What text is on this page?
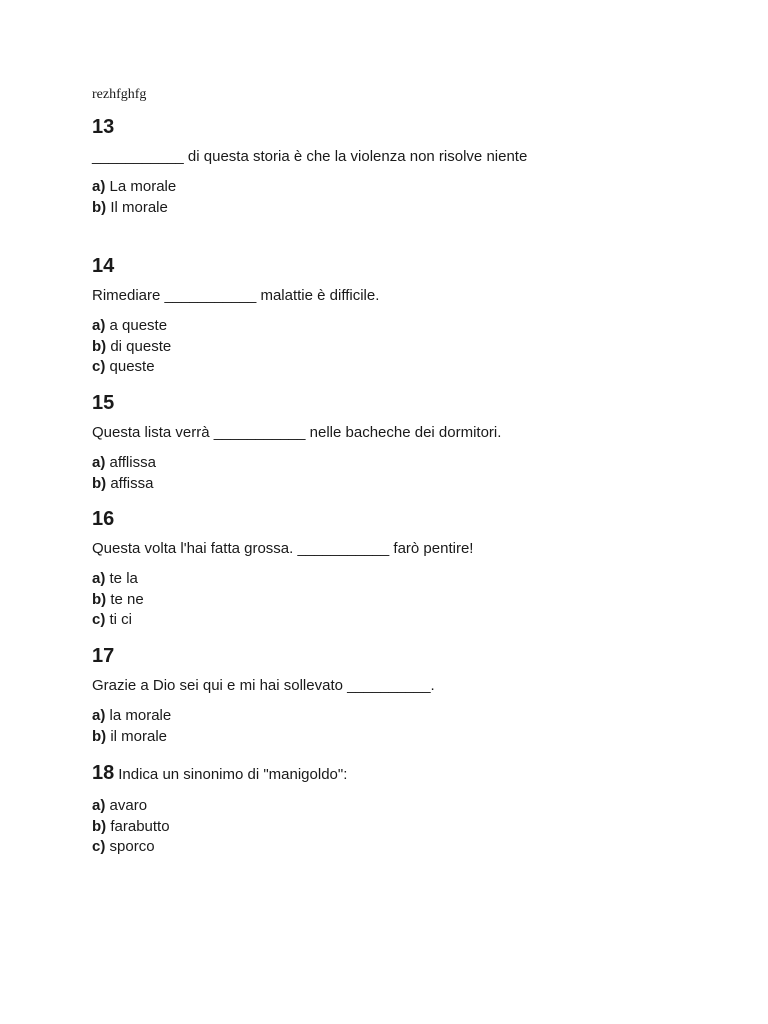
rezhfghfg
13
___________ di questa storia è che la violenza non risolve niente
a) La morale
b) Il morale
14
Rimediare ___________ malattie è difficile.
a) a queste
b) di queste
c) queste
15
Questa lista verrà ___________ nelle bacheche dei dormitori.
a) afflissa
b) affissa
16
Questa volta l'hai fatta grossa. ___________ farò pentire!
a) te la
b) te ne
c) ti ci
17
Grazie a Dio sei qui e mi hai sollevato __________.
a) la morale
b) il morale
18 Indica un sinonimo di "manigoldo":
a) avaro
b) farabutto
c) sporco
